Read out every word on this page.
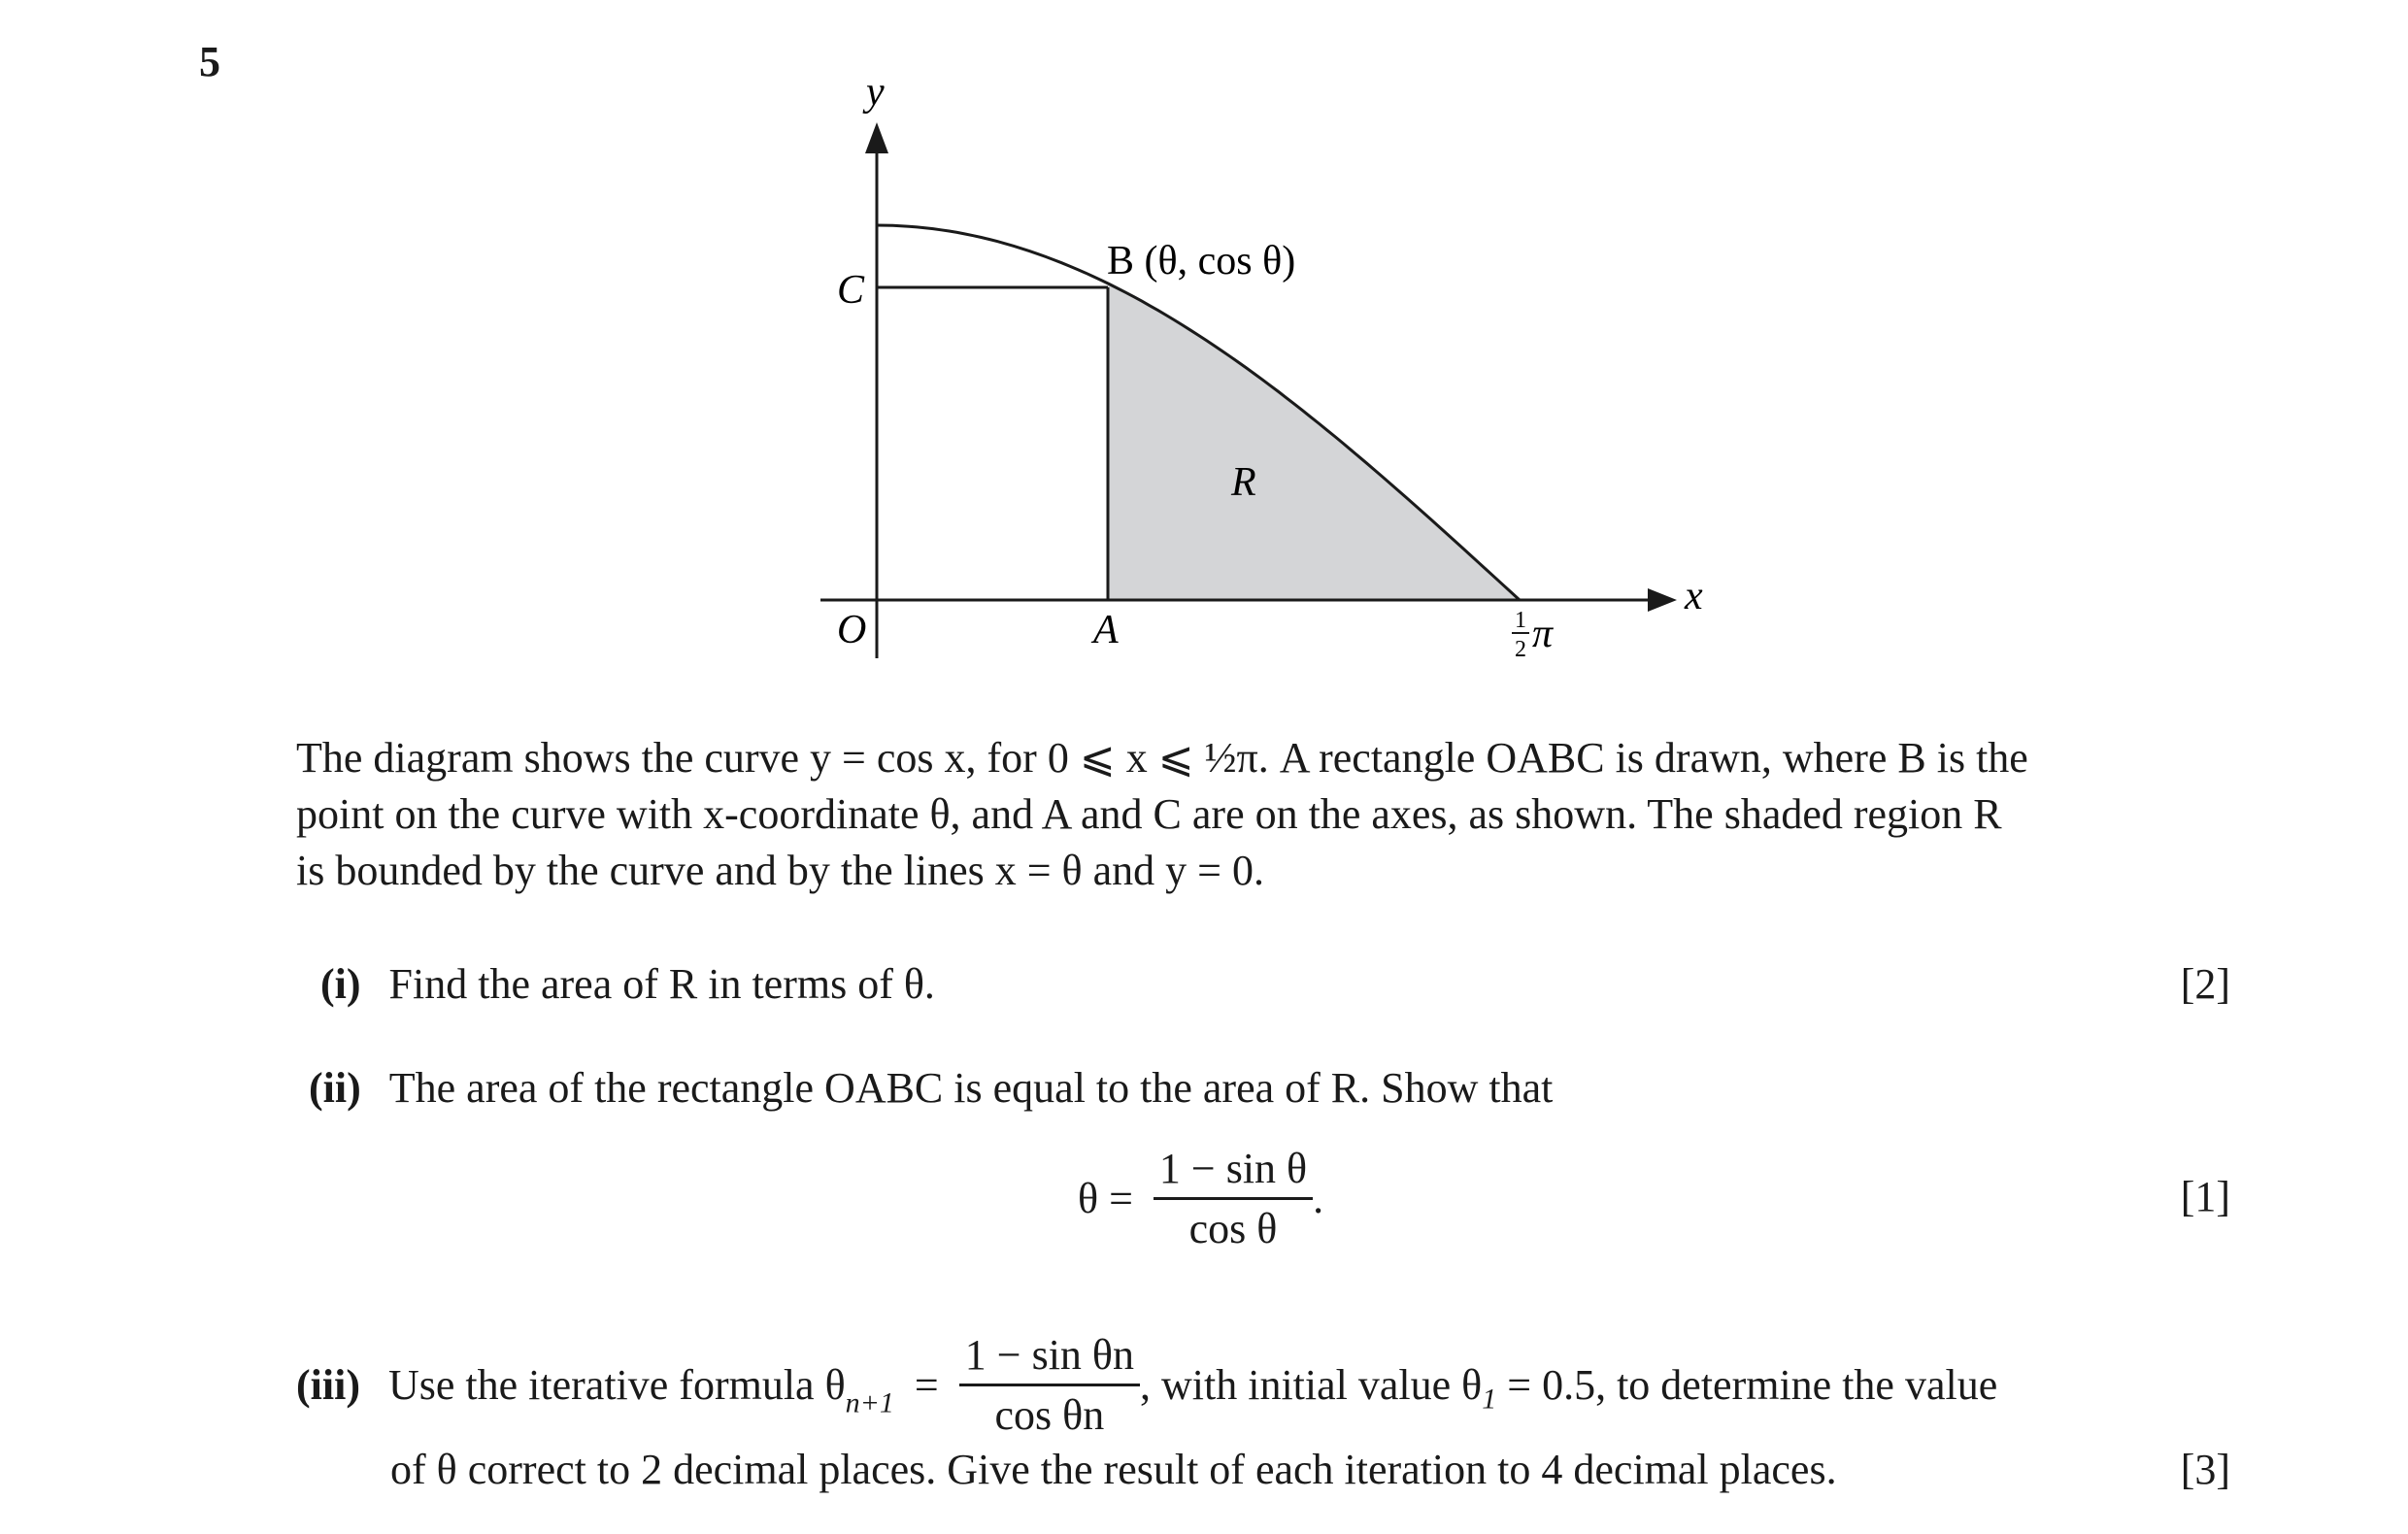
5
y
x
C
O	A
B (θ, cos θ)
R
1
2 π
The diagram shows the curve y = cos x, for 0 ⩽ x ⩽ ½π. A rectangle OABC is drawn, where B is the
point on the curve with x-coordinate θ, and A and C are on the axes, as shown. The shaded region R
is bounded by the curve and by the lines x = θ and y = 0.
(i) Find the area of R in terms of θ.	[2]
(ii) The area of the rectangle OABC is equal to the area of R. Show that
$\theta = \frac{\text{1 − sin θ}}{\text{cos θ}}$ .	[1]
(iii) Use the iterative formula $\theta_{n+1} = \frac{\text{1 − sin θn}}{\text{cos θn}}$ , with initial value $\theta_1 = 0.5$, to determine the value
of θ correct to 2 decimal places. Give the result of each iteration to 4 decimal places.	[3]
